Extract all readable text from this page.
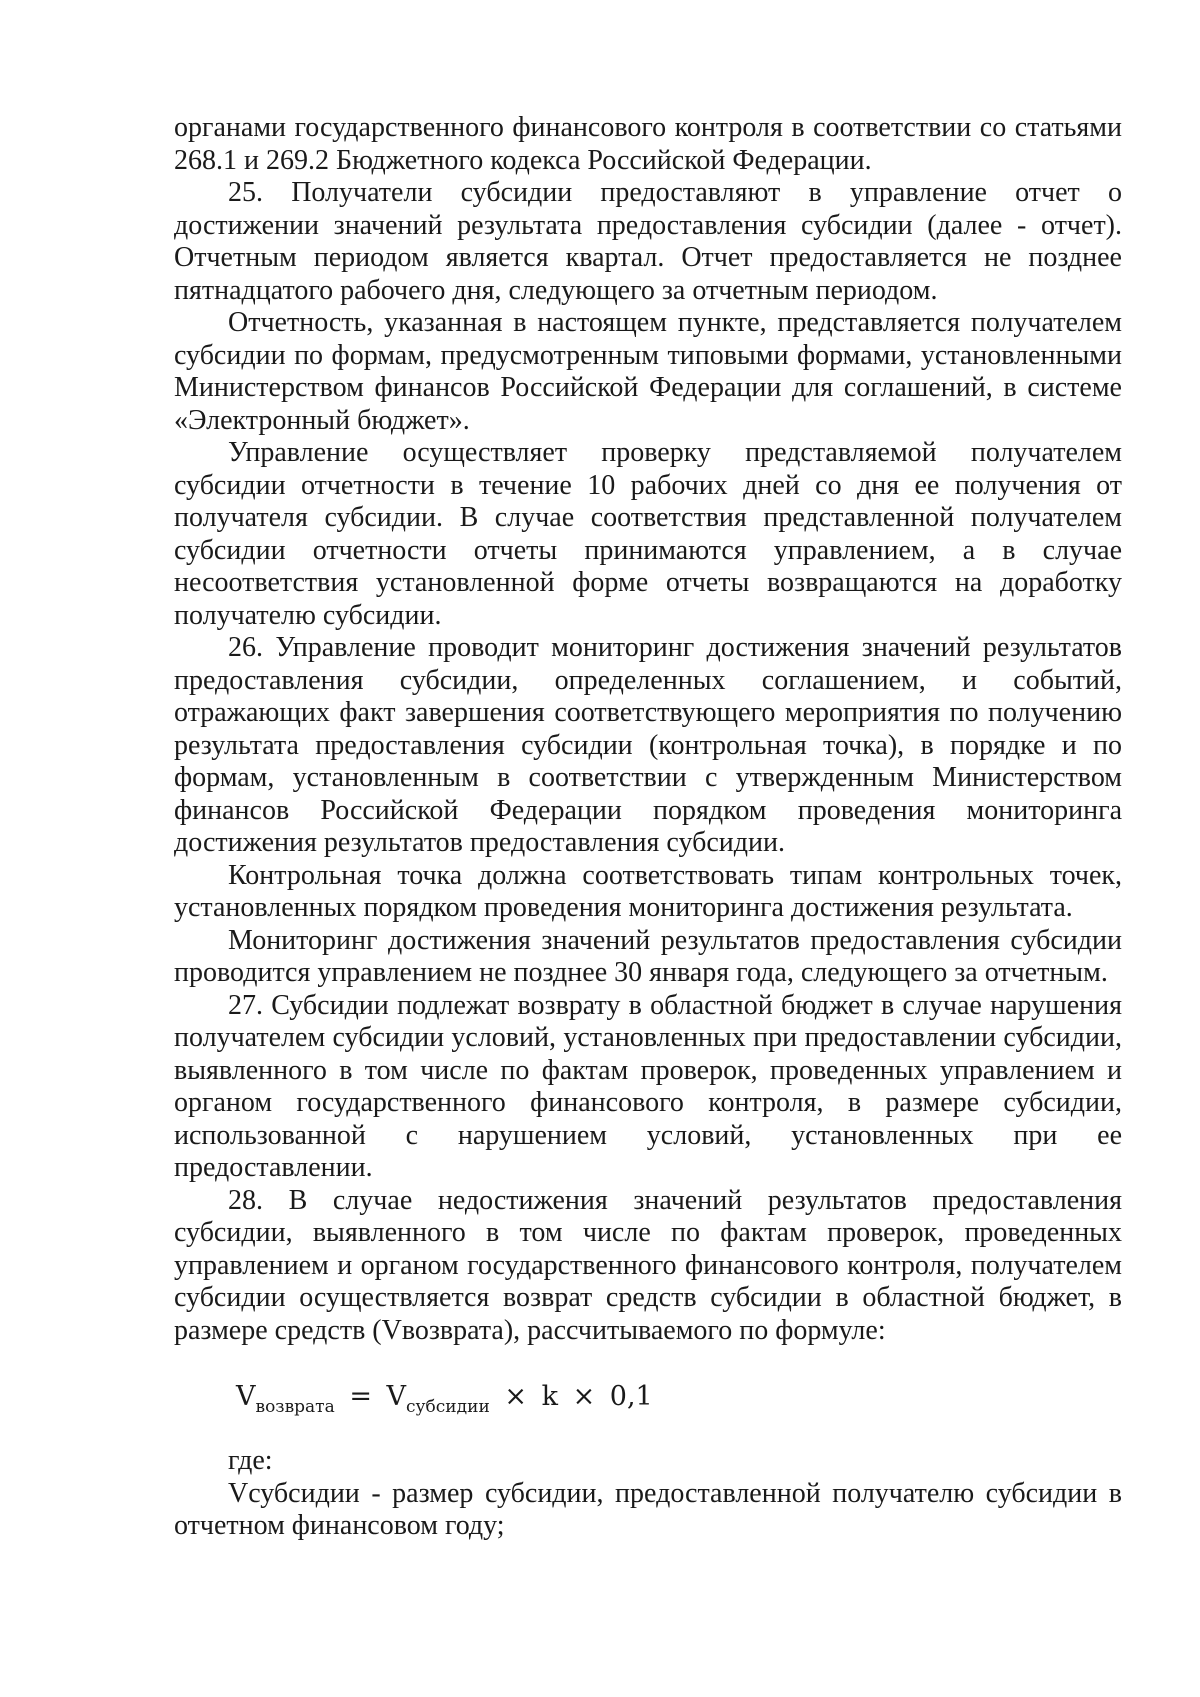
органами государственного финансового контроля в соответствии со статьями 268.1 и 269.2 Бюджетного кодекса Российской Федерации.

25. Получатели субсидии предоставляют в управление отчет о достижении значений результата предоставления субсидии (далее - отчет). Отчетным периодом является квартал. Отчет предоставляется не позднее пятнадцатого рабочего дня, следующего за отчетным периодом.

Отчетность, указанная в настоящем пункте, представляется получателем субсидии по формам, предусмотренным типовыми формами, установленными Министерством финансов Российской Федерации для соглашений, в системе «Электронный бюджет».

Управление осуществляет проверку представляемой получателем субсидии отчетности в течение 10 рабочих дней со дня ее получения от получателя субсидии. В случае соответствия представленной получателем субсидии отчетности отчеты принимаются управлением, а в случае несоответствия установленной форме отчеты возвращаются на доработку получателю субсидии.

26. Управление проводит мониторинг достижения значений результатов предоставления субсидии, определенных соглашением, и событий, отражающих факт завершения соответствующего мероприятия по получению результата предоставления субсидии (контрольная точка), в порядке и по формам, установленным в соответствии с утвержденным Министерством финансов Российской Федерации порядком проведения мониторинга достижения результатов предоставления субсидии.

Контрольная точка должна соответствовать типам контрольных точек, установленных порядком проведения мониторинга достижения результата.

Мониторинг достижения значений результатов предоставления субсидии проводится управлением не позднее 30 января года, следующего за отчетным.

27. Субсидии подлежат возврату в областной бюджет в случае нарушения получателем субсидии условий, установленных при предоставлении субсидии, выявленного в том числе по фактам проверок, проведенных управлением и органом государственного финансового контроля, в размере субсидии, использованной с нарушением условий, установленных при ее предоставлении.

28. В случае недостижения значений результатов предоставления субсидии, выявленного в том числе по фактам проверок, проведенных управлением и органом государственного финансового контроля, получателем субсидии осуществляется возврат средств субсидии в областной бюджет, в размере средств (Vвозврата), рассчитываемого по формуле:

$V_{возврата} = V_{субсидии} \times k \times 0,1$

где:

Vсубсидии - размер субсидии, предоставленной получателю субсидии в отчетном финансовом году;
